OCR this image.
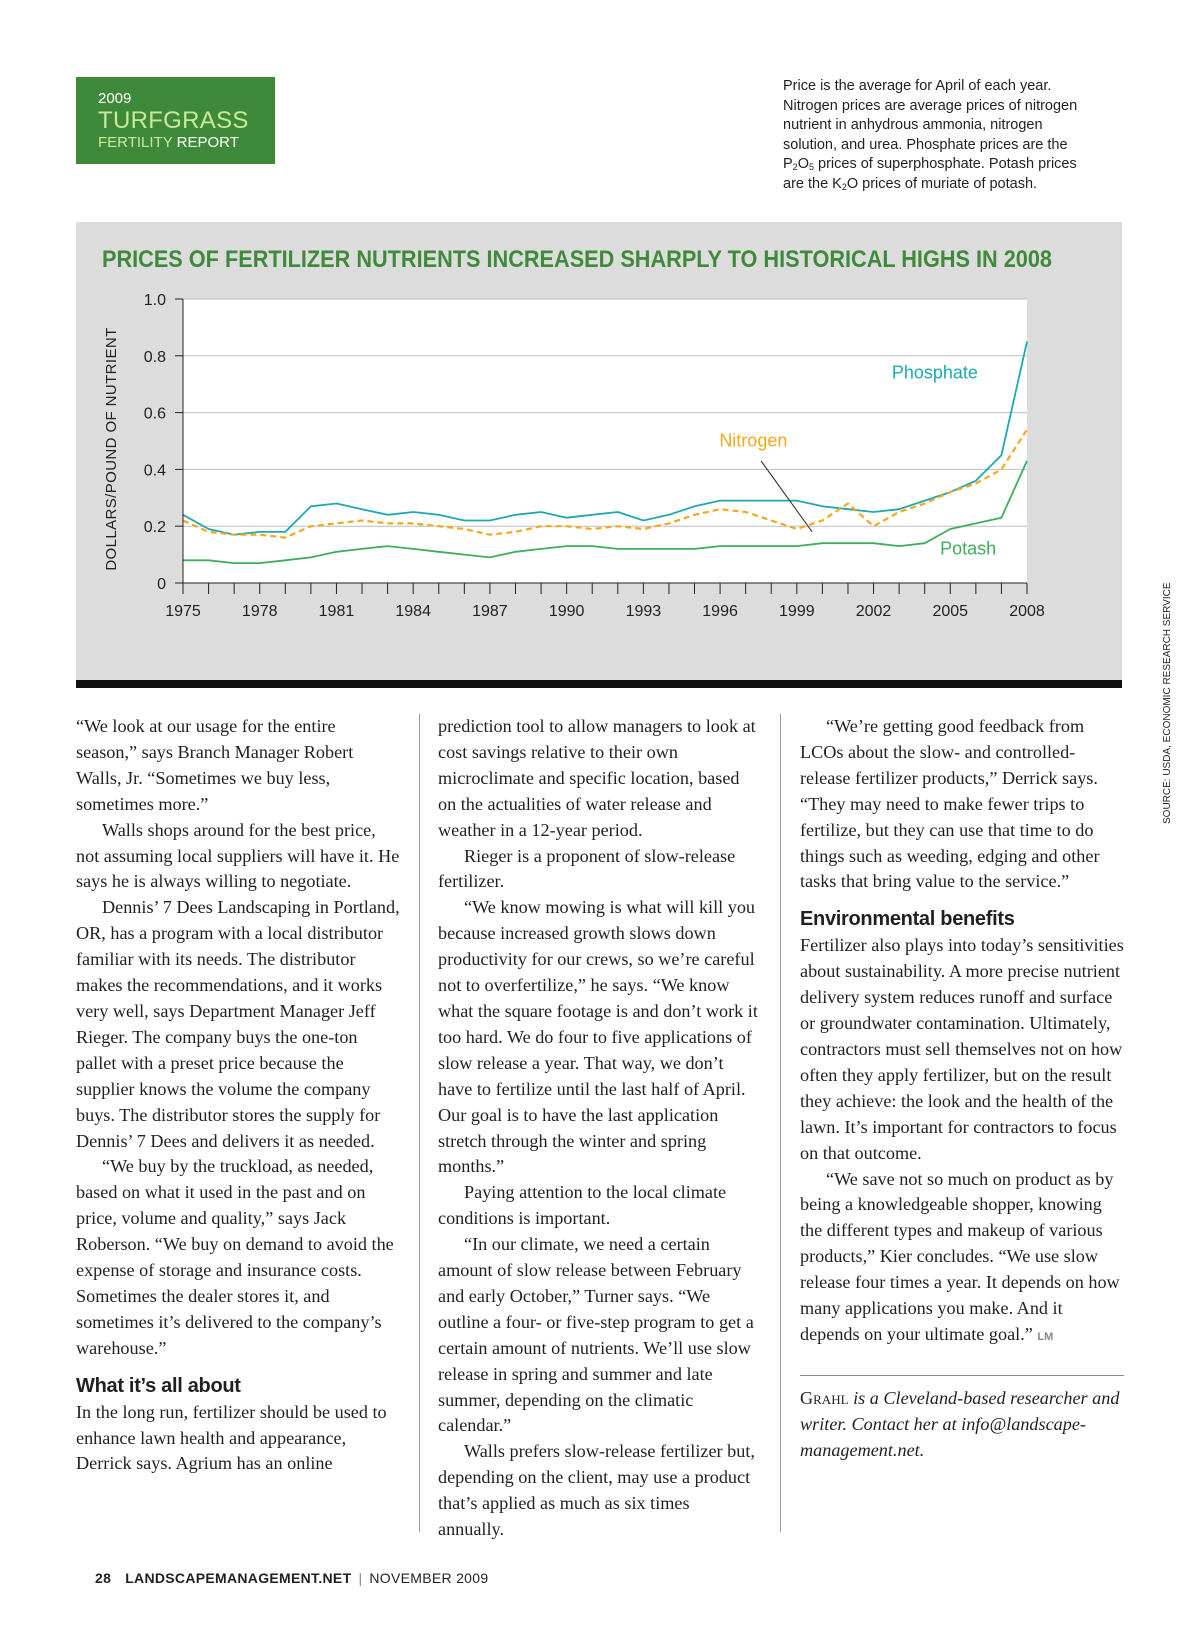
2009
TURFGRASS
FERTILITY REPORT
Price is the average for April of each year.
Nitrogen prices are average prices of nitrogen
nutrient in anhydrous ammonia, nitrogen
solution, and urea. Phosphate prices are the
$P_2O_5$ prices of superphosphate. Potash prices
are the $K_2O$ prices of muriate of potash.
PRICES OF FERTILIZER NUTRIENTS INCREASED SHARPLY TO HISTORICAL HIGHS IN 2008
DOLLARS/POUND OF NUTRIENT
0
0.2
0.4
0.6
0.8
1.0
1975	1978	1981	1984	1987	1990	1993	1996	1999	2002	2005	2008
Phosphate
Nitrogen
Potash
SOURCE: USDA, ECONOMIC RESEARCH SERVICE

“We look at our usage for the entire season,” says Branch Manager Robert Walls, Jr. “Sometimes we buy less, sometimes more.”

Walls shops around for the best price, not assuming local suppliers will have it. He says he is always willing to negotiate.

Dennis’ 7 Dees Landscaping in Portland, OR, has a program with a local distributor familiar with its needs. The distributor makes the recommendations, and it works very well, says Department Manager Jeff Rieger. The company buys the one-ton pallet with a preset price because the supplier knows the volume the company buys. The distributor stores the supply for Dennis’ 7 Dees and delivers it as needed.

“We buy by the truckload, as needed, based on what it used in the past and on price, volume and quality,” says Jack Roberson. “We buy on demand to avoid the expense of storage and insurance costs. Sometimes the dealer stores it, and sometimes it’s delivered to the company’s warehouse.”

What it’s all about

In the long run, fertilizer should be used to enhance lawn health and appearance, Derrick says. Agrium has an online

prediction tool to allow managers to look at cost savings relative to their own microclimate and specific location, based on the actualities of water release and weather in a 12-year period.

Rieger is a proponent of slow-release fertilizer.

“We know mowing is what will kill you because increased growth slows down productivity for our crews, so we’re careful not to overfertilize,” he says. “We know what the square footage is and don’t work it too hard. We do four to five applications of slow release a year. That way, we don’t have to fertilize until the last half of April. Our goal is to have the last application stretch through the winter and spring months.”

Paying attention to the local climate conditions is important.

“In our climate, we need a certain amount of slow release between February and early October,” Turner says. “We outline a four- or five-step program to get a certain amount of nutrients. We’ll use slow release in spring and summer and late summer, depending on the climatic calendar.”

Walls prefers slow-release fertilizer but, depending on the client, may use a product that’s applied as much as six times annually.

“We’re getting good feedback from LCOs about the slow- and controlled-release fertilizer products,” Derrick says. “They may need to make fewer trips to fertilize, but they can use that time to do things such as weeding, edging and other tasks that bring value to the service.”

Environmental benefits

Fertilizer also plays into today’s sensitivities about sustainability. A more precise nutrient delivery system reduces runoff and surface or groundwater contamination. Ultimately, contractors must sell themselves not on how often they apply fertilizer, but on the result they achieve: the look and the health of the lawn. It’s important for contractors to focus on that outcome.

“We save not so much on product as by being a knowledgeable shopper, knowing the different types and makeup of various products,” Kier concludes. “We use slow release four times a year. It depends on how many applications you make. And it depends on your ultimate goal.” LM

Grahl is a Cleveland-based researcher and writer. Contact her at info@landscape-management.net.

28 LANDSCAPEMANAGEMENT.NET | NOVEMBER 2009
